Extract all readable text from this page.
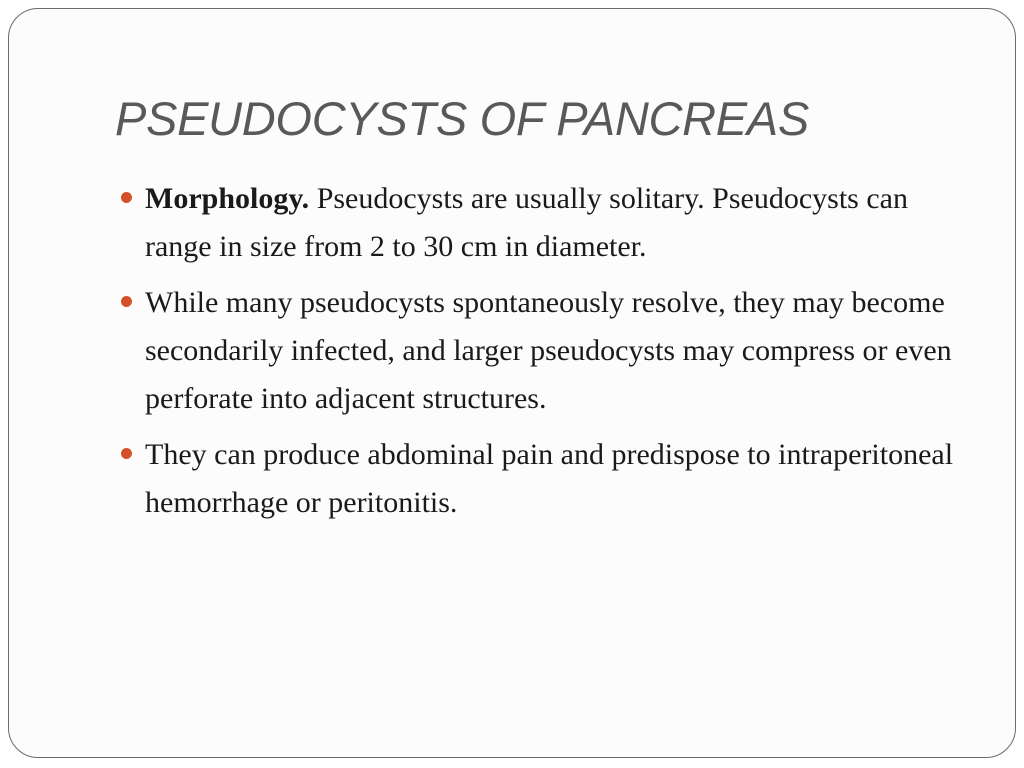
PSEUDOCYSTS OF PANCREAS
Morphology. Pseudocysts are usually solitary. Pseudocysts can range in size from 2 to 30 cm in diameter.
While many pseudocysts spontaneously resolve, they may become secondarily infected, and larger pseudocysts may compress or even perforate into adjacent structures.
They can produce abdominal pain and predispose to intraperitoneal hemorrhage or peritonitis.
